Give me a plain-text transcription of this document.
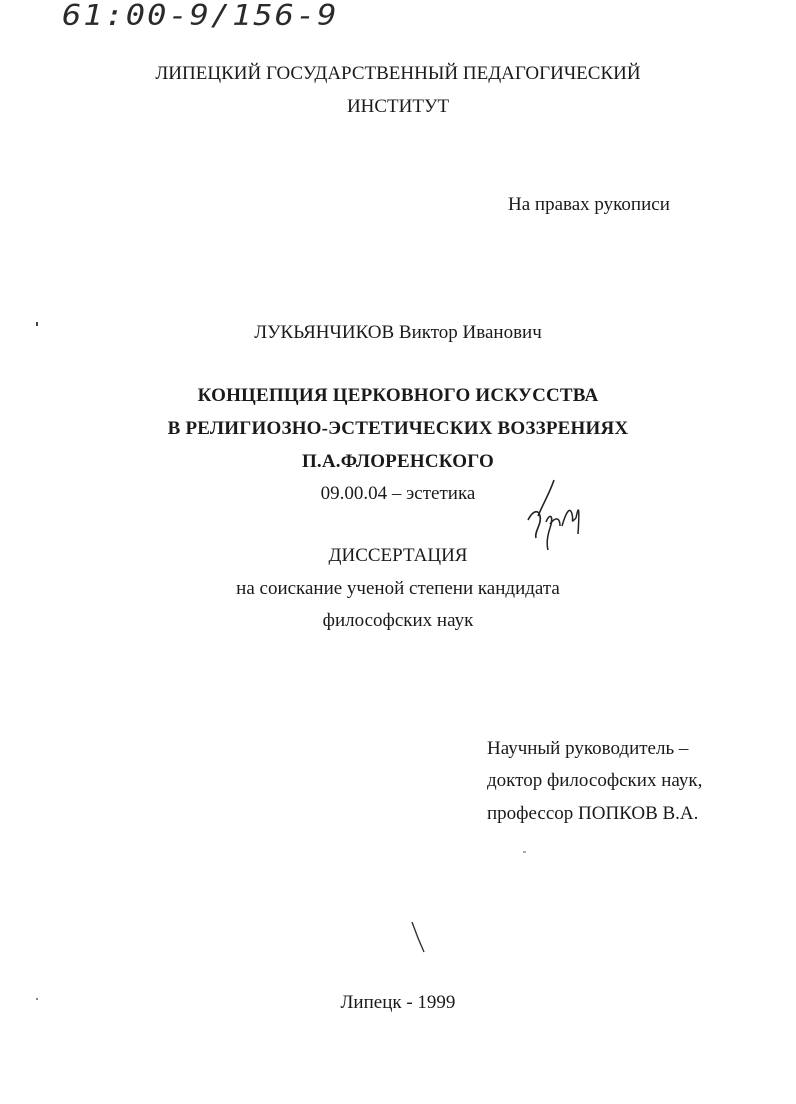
61:00-9/156-9
ЛИПЕЦКИЙ ГОСУДАРСТВЕННЫЙ ПЕДАГОГИЧЕСКИЙ
ИНСТИТУТ
На правах рукописи
ЛУКЬЯНЧИКОВ Виктор Иванович
КОНЦЕПЦИЯ ЦЕРКОВНОГО ИСКУССТВА
В РЕЛИГИОЗНО-ЭСТЕТИЧЕСКИХ ВОЗЗРЕНИЯХ
П.А.ФЛОРЕНСКОГО
09.00.04 – эстетика
ДИССЕРТАЦИЯ
на соискание ученой степени кандидата
философских наук
Научный руководитель –
доктор философских наук,
профессор ПОПКОВ В.А.
Липецк - 1999
